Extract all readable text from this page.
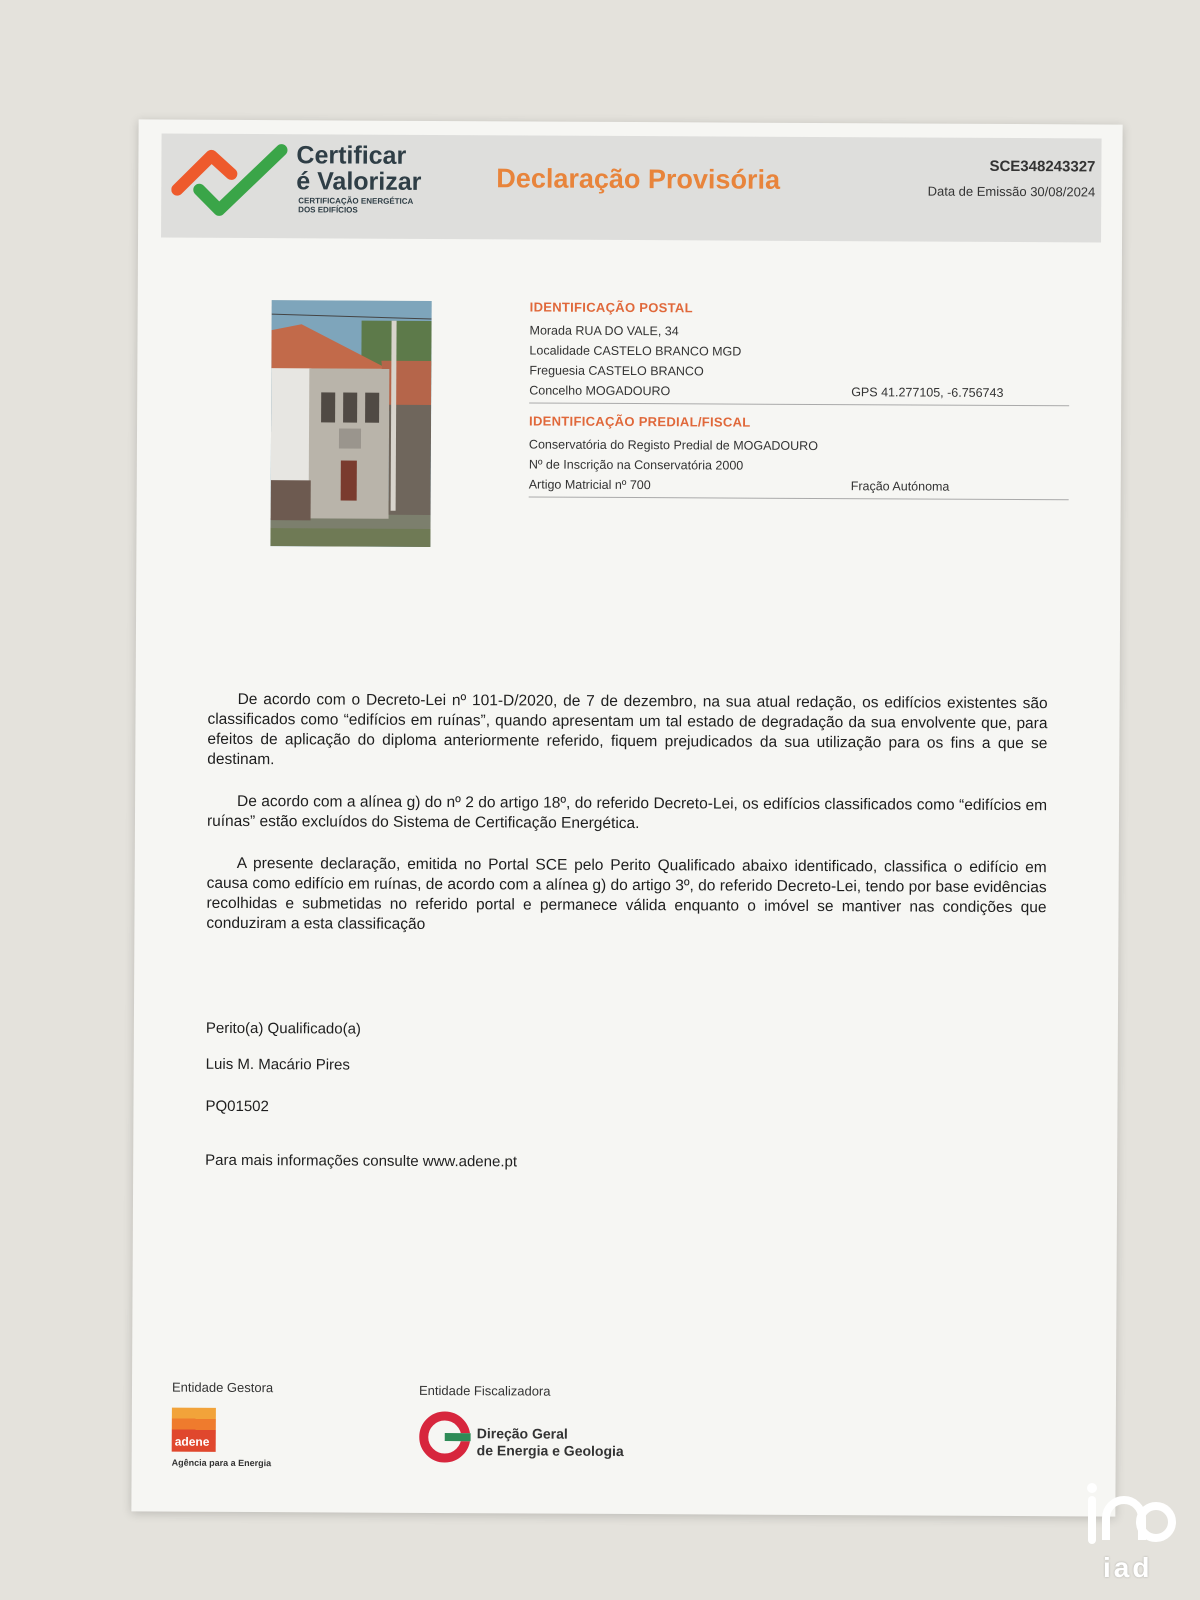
Certificar
é Valorizar
CERTIFICAÇÃO ENERGÉTICA
DOS EDIFÍCIOS
Declaração Provisória	SCE348243327
Data de Emissão 30/08/2024
IDENTIFICAÇÃO POSTAL
Morada RUA DO VALE, 34
Localidade CASTELO BRANCO MGD
Freguesia CASTELO BRANCO
Concelho MOGADOURO	GPS 41.277105, -6.756743
IDENTIFICAÇÃO PREDIAL/FISCAL
Conservatória do Registo Predial de MOGADOURO
Nº de Inscrição na Conservatória 2000
Artigo Matricial nº 700	Fração Autónoma

De acordo com o Decreto-Lei nº 101-D/2020, de 7 de dezembro, na sua atual redação, os edifícios existentes são classificados como “edifícios em ruínas”, quando apresentam um tal estado de degradação da sua envolvente que, para efeitos de aplicação do diploma anteriormente referido, fiquem prejudicados da sua utilização para os fins a que se destinam.

De acordo com a alínea g) do nº 2 do artigo 18º, do referido Decreto-Lei, os edifícios classificados como “edifícios em ruínas” estão excluídos do Sistema de Certificação Energética.

A presente declaração, emitida no Portal SCE pelo Perito Qualificado abaixo identificado, classifica o edifício em causa como edifício em ruínas, de acordo com a alínea g) do artigo 3º, do referido Decreto-Lei, tendo por base evidências recolhidas e submetidas no referido portal e permanece válida enquanto o imóvel se mantiver nas condições que conduziram a esta classificação

Perito(a) Qualificado(a)
Luis M. Macário Pires
PQ01502
Para mais informações consulte www.adene.pt
Entidade Gestora
adene
Agência para a Energia
Entidade Fiscalizadora
Direção Geral
de Energia e Geologia
iad
